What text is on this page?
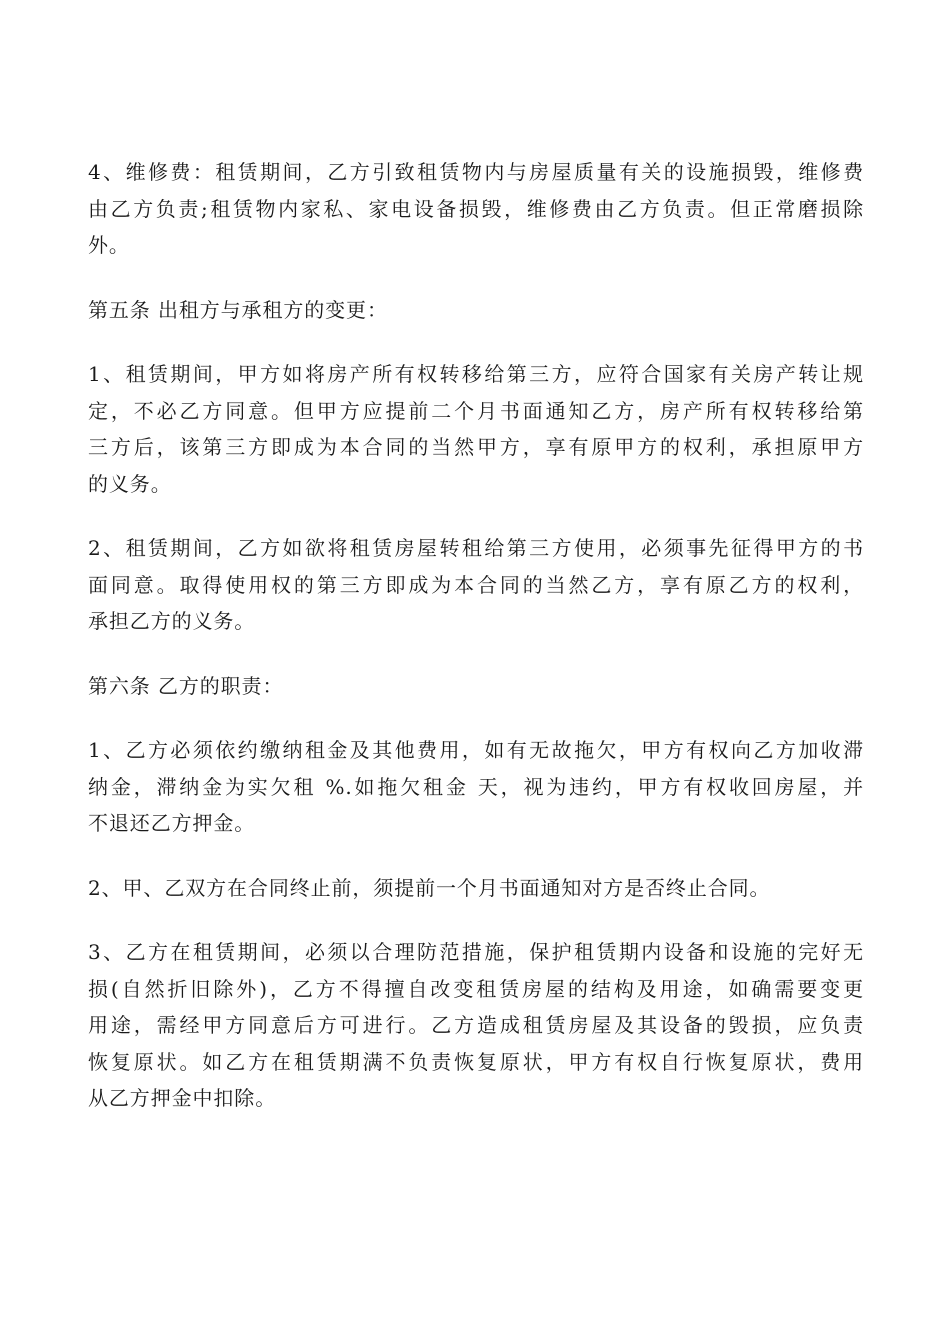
4、维修费：租赁期间，乙方引致租赁物内与房屋质量有关的设施损毁，维修费
由乙方负责;租赁物内家私、家电设备损毁，维修费由乙方负责。但正常磨损除
外。

第五条 出租方与承租方的变更：

1、租赁期间，甲方如将房产所有权转移给第三方，应符合国家有关房产转让规
定，不必乙方同意。但甲方应提前二个月书面通知乙方，房产所有权转移给第
三方后，该第三方即成为本合同的当然甲方，享有原甲方的权利，承担原甲方
的义务。

2、租赁期间，乙方如欲将租赁房屋转租给第三方使用，必须事先征得甲方的书
面同意。取得使用权的第三方即成为本合同的当然乙方，享有原乙方的权利，
承担乙方的义务。

第六条 乙方的职责：

1、乙方必须依约缴纳租金及其他费用，如有无故拖欠，甲方有权向乙方加收滞
纳金，滞纳金为实欠租 %.如拖欠租金 天，视为违约，甲方有权收回房屋，并
不退还乙方押金。

2、甲、乙双方在合同终止前，须提前一个月书面通知对方是否终止合同。

3、乙方在租赁期间，必须以合理防范措施，保护租赁期内设备和设施的完好无
损(自然折旧除外)，乙方不得擅自改变租赁房屋的结构及用途，如确需要变更
用途，需经甲方同意后方可进行。乙方造成租赁房屋及其设备的毁损，应负责
恢复原状。如乙方在租赁期满不负责恢复原状，甲方有权自行恢复原状，费用
从乙方押金中扣除。
